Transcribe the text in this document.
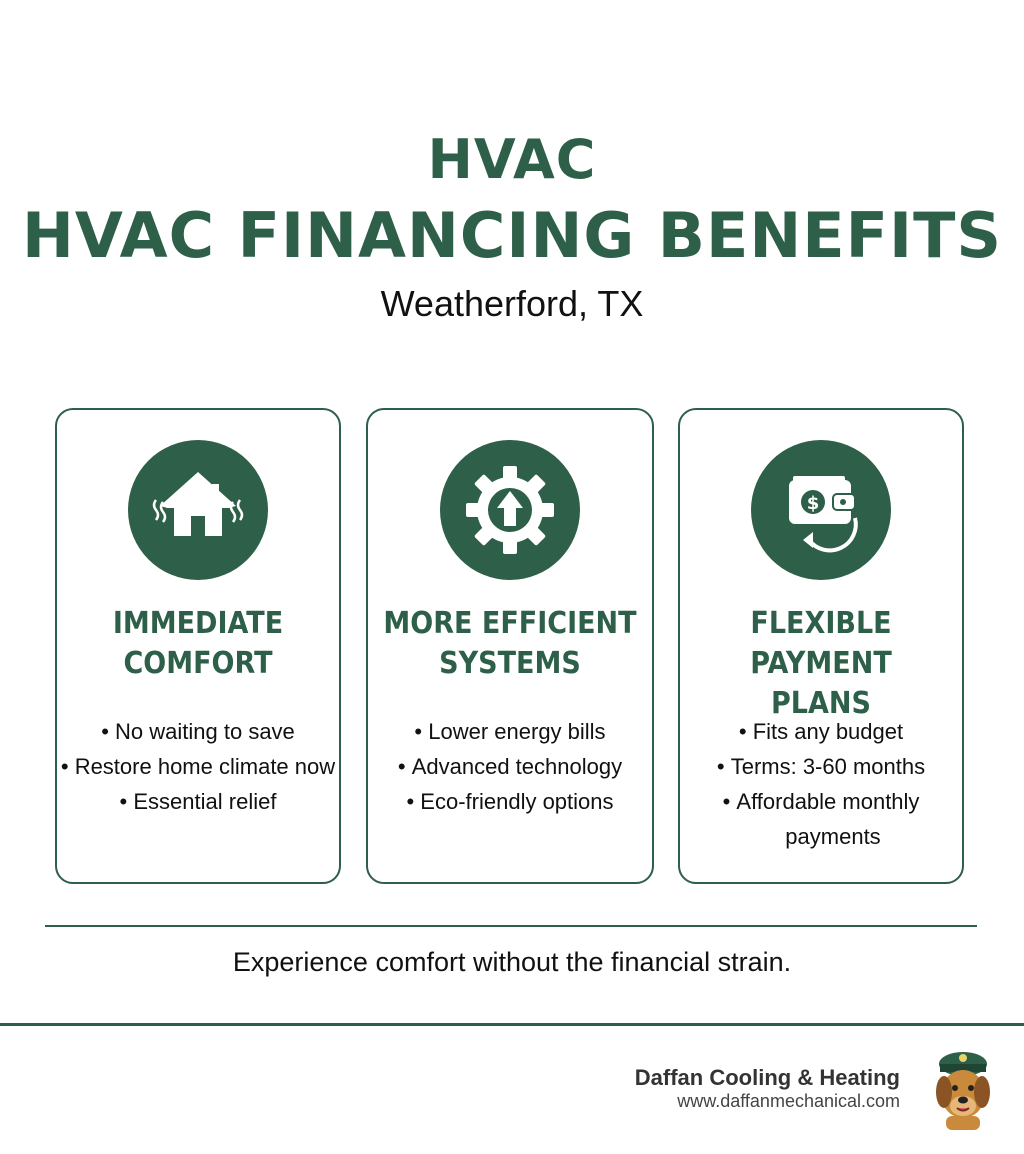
HVAC
HVAC FINANCING BENEFITS
Weatherford, TX
IMMEDIATE
COMFORT
• No waiting to save
• Restore home climate now
• Essential relief
MORE EFFICIENT
SYSTEMS
• Lower energy bills
• Advanced technology
• Eco-friendly options
$
FLEXIBLE PAYMENT
PLANS
• Fits any budget
• Terms: 3-60 months
• Affordable monthly
payments
Experience comfort without the financial strain.
Daffan Cooling & Heating
www.daffanmechanical.com
